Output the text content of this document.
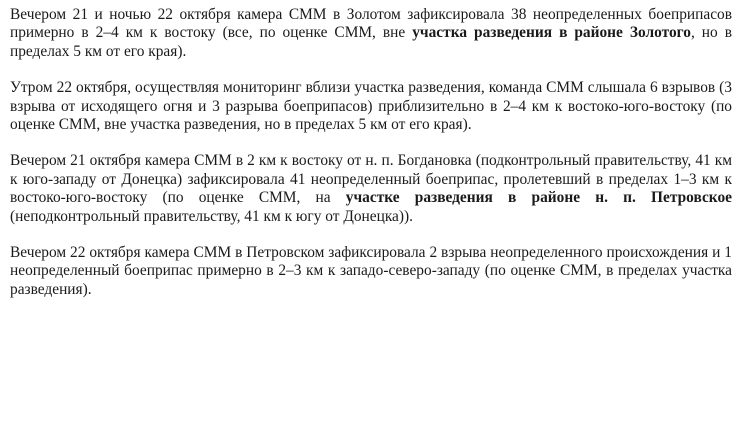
Вечером 21 и ночью 22 октября камера СММ в Золотом зафиксировала 38 неопределенных боеприпасов примерно в 2–4 км к востоку (все, по оценке СММ, вне участка разведения в районе Золотого, но в пределах 5 км от его края).

Утром 22 октября, осуществляя мониторинг вблизи участка разведения, команда СММ слышала 6 взрывов (3 взрыва от исходящего огня и 3 разрыва боеприпасов) приблизительно в 2–4 км к востоко-юго-востоку (по оценке СММ, вне участка разведения, но в пределах 5 км от его края).

Вечером 21 октября камера СММ в 2 км к востоку от н. п. Богдановка (подконтрольный правительству, 41 км к юго-западу от Донецка) зафиксировала 41 неопределенный боеприпас, пролетевший в пределах 1–3 км к востоко-юго-востоку (по оценке СММ, на участке разведения в районе н. п. Петровское (неподконтрольный правительству, 41 км к югу от Донецка)).

Вечером 22 октября камера СММ в Петровском зафиксировала 2 взрыва неопределенного происхождения и 1 неопределенный боеприпас примерно в 2–3 км к западо-северо-западу (по оценке СММ, в пределах участка разведения).
